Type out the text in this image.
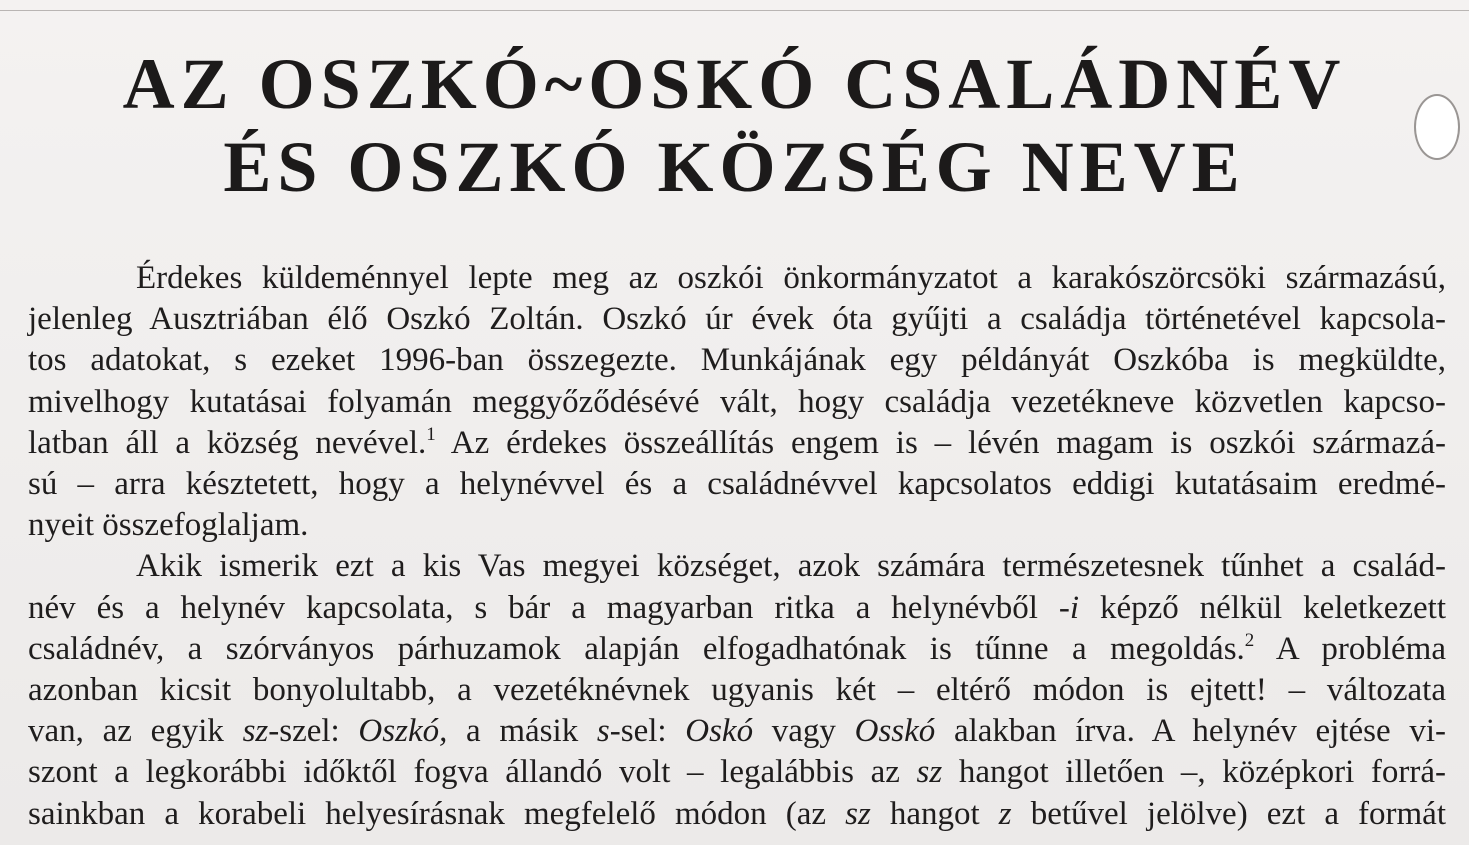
AZ OSZKÓ~OSKÓ CSALÁDNÉV
ÉS OSZKÓ KÖZSÉG NEVE

Érdekes küldeménnyel lepte meg az oszkói önkormányzatot a karakószörcsöki származású,
jelenleg Ausztriában élő Oszkó Zoltán. Oszkó úr évek óta gyűjti a családja történetével kapcsola-
tos adatokat, s ezeket 1996-ban összegezte. Munkájának egy példányát Oszkóba is megküldte,
mivelhogy kutatásai folyamán meggyőződésévé vált, hogy családja vezetékneve közvetlen kapcso-
latban áll a község nevével.$^1$ Az érdekes összeállítás engem is – lévén magam is oszkói származá-
sú – arra késztetett, hogy a helynévvel és a családnévvel kapcsolatos eddigi kutatásaim eredmé-
nyeit összefoglaljam.

Akik ismerik ezt a kis Vas megyei községet, azok számára természetesnek tűnhet a család-
név és a helynév kapcsolata, s bár a magyarban ritka a helynévből -i képző nélkül keletkezett
családnév, a szórványos párhuzamok alapján elfogadhatónak is tűnne a megoldás.$^2$ A probléma
azonban kicsit bonyolultabb, a vezetéknévnek ugyanis két – eltérő módon is ejtett! – változata
van, az egyik sz-szel: Oszkó, a másik s-sel: Oskó vagy Osskó alakban írva. A helynév ejtése vi-
szont a legkorábbi időktől fogva állandó volt – legalábbis az sz hangot illetően –, középkori forrá-
sainkban a korabeli helyesírásnak megfelelő módon (az sz hangot z betűvel jelölve) ezt a formát
